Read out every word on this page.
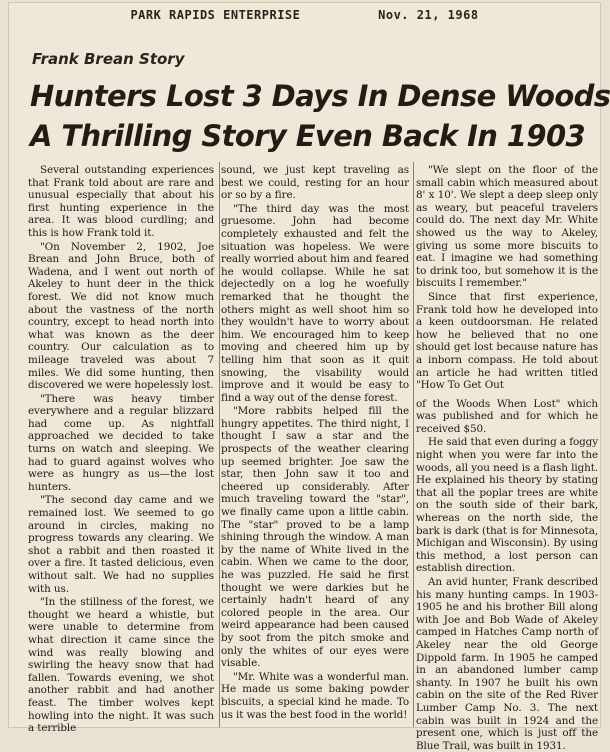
PARK RAPIDS ENTERPRISE	Nov. 21, 1968
Frank Brean Story
Hunters Lost 3 Days In Dense Woods
A Thrilling Story Even Back In 1903

Several outstanding experiences that Frank told about are rare and unusual especially that about his first hunting experience in the area. It was blood curdling; and this is how Frank told it.

"On November 2, 1902, Joe Brean and John Bruce, both of Wadena, and I went out north of Akeley to hunt deer in the thick forest. We did not know much about the vastness of the north country, except to head north into what was known as the deer country. Our calculation as to mileage traveled was about 7 miles. We did some hunting, then discovered we were hopelessly lost.

"There was heavy timber everywhere and a regular blizzard had come up. As nightfall approached we decided to take turns on watch and sleeping. We had to guard against wolves who were as hungry as us—the lost hunters.

"The second day came and we remained lost. We seemed to go around in circles, making no progress towards any clearing. We shot a rabbit and then roasted it over a fire. It tasted delicious, even without salt. We had no supplies with us.

"In the stillness of the forest, we thought we heard a whistle, but were unable to determine from what direction it came since the wind was really blowing and swirling the heavy snow that had fallen. Towards evening, we shot another rabbit and had another feast. The timber wolves kept howling into the night. It was such a terrible

sound, we just kept traveling as best we could, resting for an hour or so by a fire.

"The third day was the most gruesome. John had become completely exhausted and felt the situation was hopeless. We were really worried about him and feared he would collapse. While he sat dejectedly on a log he woefully remarked that he thought the others might as well shoot him so they wouldn't have to worry about him. We encouraged him to keep moving and cheered him up by telling him that soon as it quit snowing, the visability would improve and it would be easy to find a way out of the dense forest.

"More rabbits helped fill the hungry appetites. The third night, I thought I saw a star and the prospects of the weather clearing up seemed brighter. Joe saw the star, then John saw it too and cheered up considerably. After much traveling toward the "star", we finally came upon a little cabin. The "star" proved to be a lamp shining through the window. A man by the name of White lived in the cabin. When we came to the door, he was puzzled. He said he first thought we were darkies but he certainly hadn't heard of any colored people in the area. Our weird appearance had been caused by soot from the pitch smoke and only the whites of our eyes were visable.

"Mr. White was a wonderful man. He made us some baking powder biscuits, a special kind he made. To us it was the best food in the world!

"We slept on the floor of the small cabin which measured about 8' x 10'. We slept a deep sleep only as weary, but peaceful travelers could do. The next day Mr. White showed us the way to Akeley, giving us some more biscuits to eat. I imagine we had something to drink too, but somehow it is the biscuits I remember."

Since that first experience, Frank told how he developed into a keen outdoorsman. He related how he believed that no one should get lost because nature has a inborn compass. He told about an article he had written titled "How To Get Out

of the Woods When Lost" which was published and for which he received $50.

He said that even during a foggy night when you were far into the woods, all you need is a flash light. He explained his theory by stating that all the poplar trees are white on the south side of their bark, whereas on the north side, the bark is dark (that is for Minnesota, Michigan and Wisconsin). By using this method, a lost person can establish direction.

An avid hunter, Frank described his many hunting camps. In 1903-1905 he and his brother Bill along with Joe and Bob Wade of Akeley camped in Hatches Camp north of Akeley near the old George Dippold farm. In 1905 he camped in an abandoned lumber camp shanty. In 1907 he built his own cabin on the site of the Red River Lumber Camp No. 3. The next cabin was built in 1924 and the present one, which is just off the Blue Trail, was built in 1931.
